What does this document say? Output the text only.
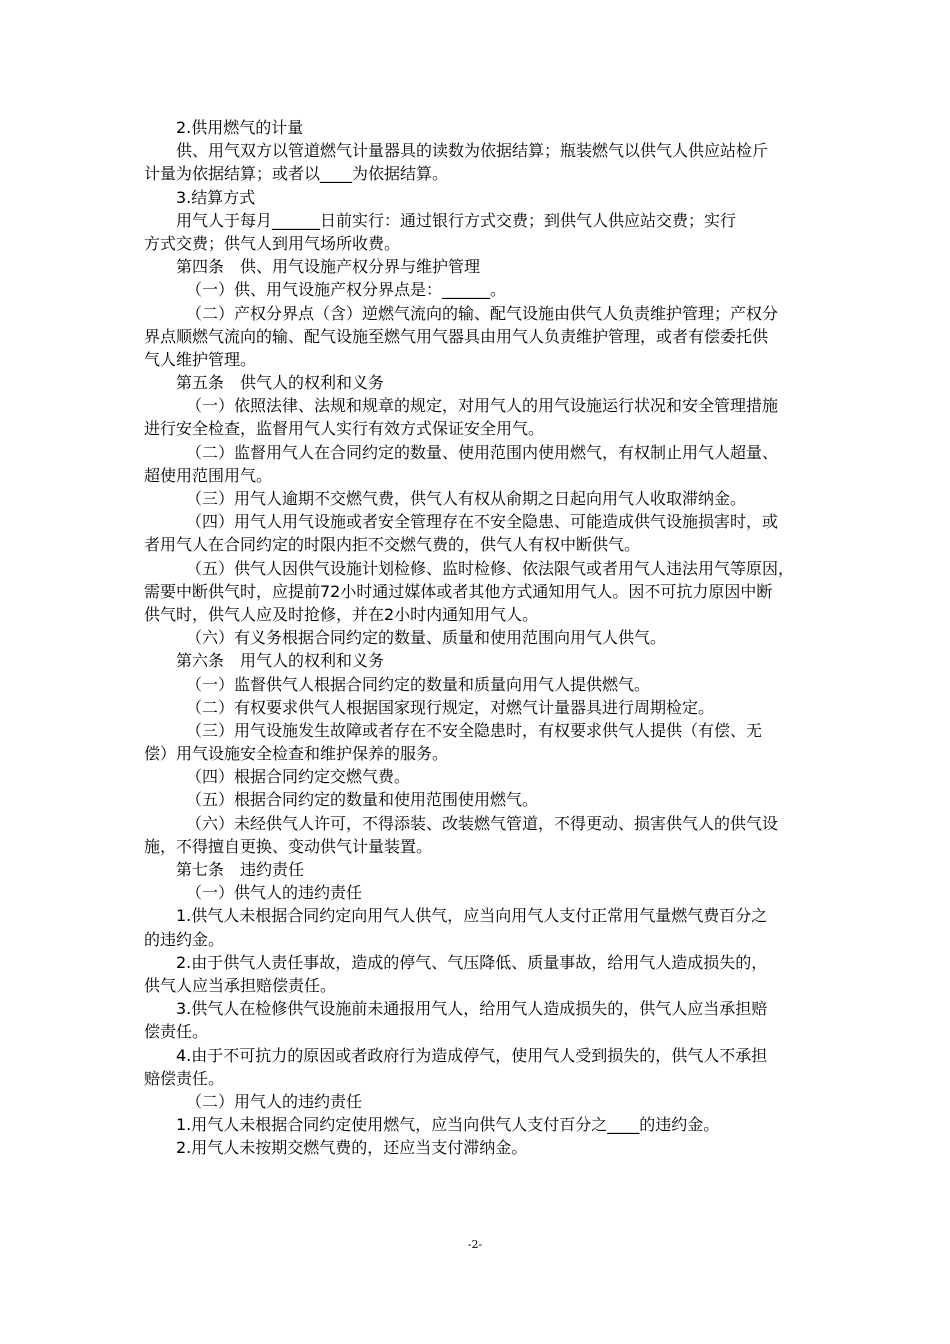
2.供用燃气的计量
供、用气双方以管道燃气计量器具的读数为依据结算；瓶装燃气以供气人供应站检斤
计量为依据结算；或者以____为依据结算。
3.结算方式
用气人于每月______日前实行：通过银行方式交费；到供气人供应站交费；实行
方式交费；供气人到用气场所收费。
第四条　供、用气设施产权分界与维护管理
（一）供、用气设施产权分界点是：______。
（二）产权分界点（含）逆燃气流向的输、配气设施由供气人负责维护管理；产权分
界点顺燃气流向的输、配气设施至燃气用气器具由用气人负责维护管理，或者有偿委托供
气人维护管理。
第五条　供气人的权利和义务
（一）依照法律、法规和规章的规定，对用气人的用气设施运行状况和安全管理措施
进行安全检查，监督用气人实行有效方式保证安全用气。
（二）监督用气人在合同约定的数量、使用范围内使用燃气，有权制止用气人超量、
超使用范围用气。
（三）用气人逾期不交燃气费，供气人有权从俞期之日起向用气人收取滞纳金。
（四）用气人用气设施或者安全管理存在不安全隐患、可能造成供气设施损害时，或
者用气人在合同约定的时限内拒不交燃气费的，供气人有权中断供气。
（五）供气人因供气设施计划检修、监时检修、依法限气或者用气人违法用气等原因，
需要中断供气时，应提前72小时通过媒体或者其他方式通知用气人。因不可抗力原因中断
供气时，供气人应及时抢修，并在2小时内通知用气人。
（六）有义务根据合同约定的数量、质量和使用范围向用气人供气。
第六条　用气人的权利和义务
（一）监督供气人根据合同约定的数量和质量向用气人提供燃气。
（二）有权要求供气人根据国家现行规定，对燃气计量器具进行周期检定。
（三）用气设施发生故障或者存在不安全隐患时，有权要求供气人提供（有偿、无
偿）用气设施安全检查和维护保养的服务。
（四）根据合同约定交燃气费。
（五）根据合同约定的数量和使用范围使用燃气。
（六）未经供气人许可，不得添装、改装燃气管道，不得更动、损害供气人的供气设
施，不得擅自更换、变动供气计量装置。
第七条　违约责任
（一）供气人的违约责任
1.供气人未根据合同约定向用气人供气，应当向用气人支付正常用气量燃气费百分之
的违约金。
2.由于供气人责任事故，造成的停气、气压降低、质量事故，给用气人造成损失的，
供气人应当承担赔偿责任。
3.供气人在检修供气设施前未通报用气人，给用气人造成损失的，供气人应当承担赔
偿责任。
4.由于不可抗力的原因或者政府行为造成停气，使用气人受到损失的，供气人不承担
赔偿责任。
（二）用气人的违约责任
1.用气人未根据合同约定使用燃气，应当向供气人支付百分之____的违约金。
2.用气人未按期交燃气费的，还应当支付滞纳金。
-2-
